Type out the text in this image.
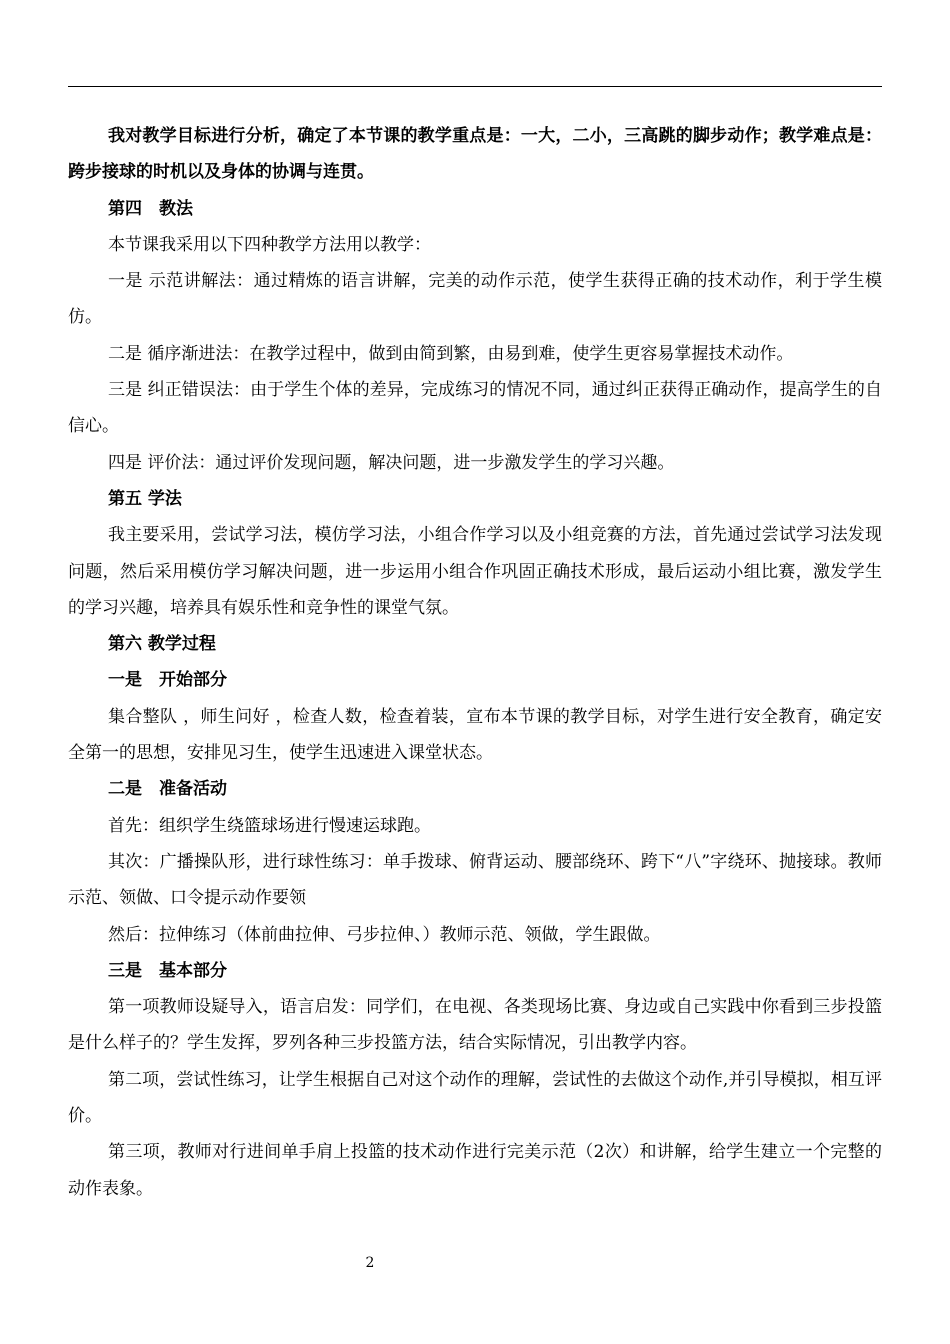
我对教学目标进行分析，确定了本节课的教学重点是：一大，二小，三高跳的脚步动作；教学难点是：跨步接球的时机以及身体的协调与连贯。

第四　教法

本节课我采用以下四种教学方法用以教学：

一是 示范讲解法：通过精炼的语言讲解，完美的动作示范，使学生获得正确的技术动作，利于学生模仿。

二是 循序渐进法：在教学过程中，做到由简到繁，由易到难，使学生更容易掌握技术动作。

三是 纠正错误法：由于学生个体的差异，完成练习的情况不同，通过纠正获得正确动作，提高学生的自信心。

四是 评价法：通过评价发现问题，解决问题，进一步激发学生的学习兴趣。

第五 学法

我主要采用，尝试学习法，模仿学习法，小组合作学习以及小组竞赛的方法，首先通过尝试学习法发现问题，然后采用模仿学习解决问题，进一步运用小组合作巩固正确技术形成，最后运动小组比赛，激发学生的学习兴趣，培养具有娱乐性和竞争性的课堂气氛。

第六 教学过程

一是　开始部分

集合整队 ，师生问好 ，检查人数，检查着装，宣布本节课的教学目标，对学生进行安全教育，确定安全第一的思想，安排见习生，使学生迅速进入课堂状态。

二是　准备活动

首先：组织学生绕篮球场进行慢速运球跑。

其次：广播操队形，进行球性练习：单手拨球、俯背运动、腰部绕环、跨下“八”字绕环、抛接球。教师示范、领做、口令提示动作要领

然后：拉伸练习（体前曲拉伸、弓步拉伸、）教师示范、领做，学生跟做。

三是　基本部分

第一项教师设疑导入，语言启发：同学们，在电视、各类现场比赛、身边或自己实践中你看到三步投篮是什么样子的？学生发挥，罗列各种三步投篮方法，结合实际情况，引出教学内容。

第二项，尝试性练习，让学生根据自己对这个动作的理解，尝试性的去做这个动作,并引导模拟，相互评价。

第三项，教师对行进间单手肩上投篮的技术动作进行完美示范（2次）和讲解，给学生建立一个完整的动作表象。

2
